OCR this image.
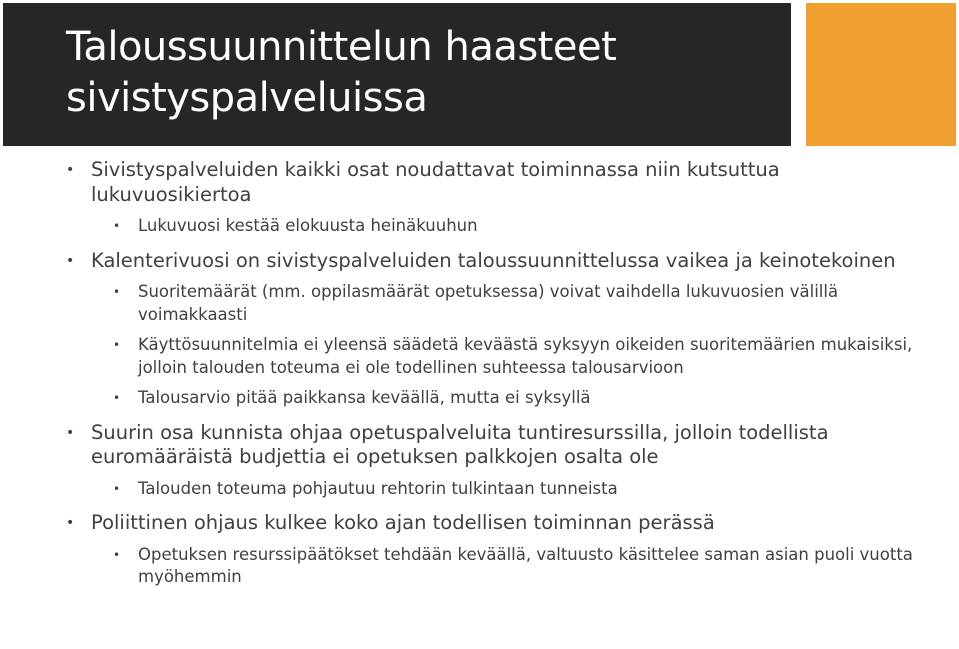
Taloussuunnittelun haasteet
sivistyspalveluissa
• Sivistyspalveluiden kaikki osat noudattavat toiminnassa niin kutsuttua lukuvuosikiertoa
• Lukuvuosi kestää elokuusta heinäkuuhun
• Kalenterivuosi on sivistyspalveluiden taloussuunnittelussa vaikea ja keinotekoinen
• Suoritemäärät (mm. oppilasmäärät opetuksessa) voivat vaihdella lukuvuosien välillä voimakkaasti
• Käyttösuunnitelmia ei yleensä säädetä keväästä syksyyn oikeiden suoritemäärien mukaisiksi, jolloin talouden toteuma ei ole todellinen suhteessa talousarvioon
• Talousarvio pitää paikkansa keväällä, mutta ei syksyllä
• Suurin osa kunnista ohjaa opetuspalveluita tuntiresurssilla, jolloin todellista euromääräistä budjettia ei opetuksen palkkojen osalta ole
• Talouden toteuma pohjautuu rehtorin tulkintaan tunneista
• Poliittinen ohjaus kulkee koko ajan todellisen toiminnan perässä
• Opetuksen resurssipäätökset tehdään keväällä, valtuusto käsittelee saman asian puoli vuotta myöhemmin
